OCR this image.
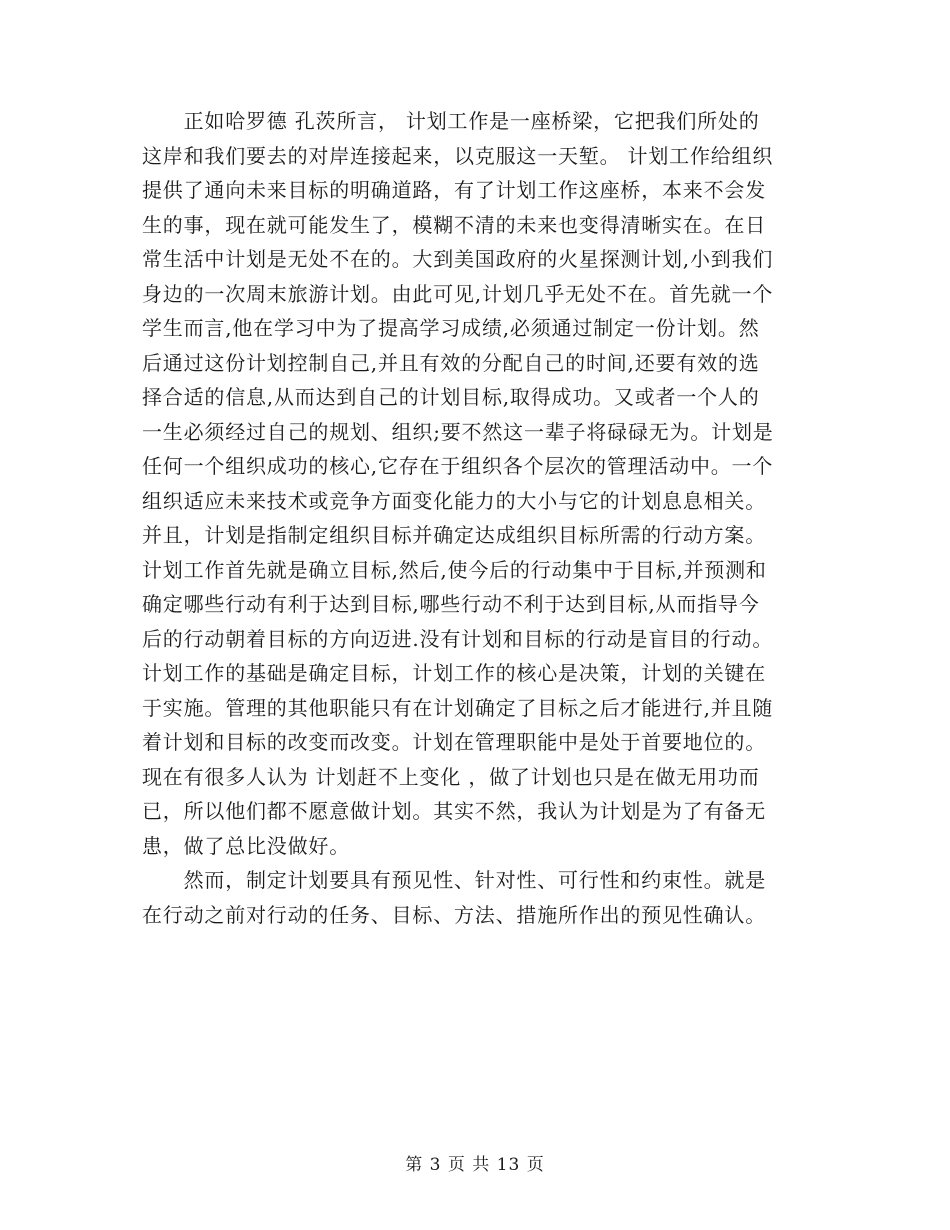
　　正如哈罗德 孔茨所言， 计划工作是一座桥梁，它把我们所处的
这岸和我们要去的对岸连接起来，以克服这一天堑。 计划工作给组织
提供了通向未来目标的明确道路，有了计划工作这座桥，本来不会发
生的事，现在就可能发生了，模糊不清的未来也变得清晰实在。在日
常生活中计划是无处不在的。大到美国政府的火星探测计划,小到我们
身边的一次周末旅游计划。由此可见,计划几乎无处不在。首先就一个
学生而言,他在学习中为了提高学习成绩,必须通过制定一份计划。然
后通过这份计划控制自己,并且有效的分配自己的时间,还要有效的选
择合适的信息,从而达到自己的计划目标,取得成功。又或者一个人的
一生必须经过自己的规划、组织;要不然这一辈子将碌碌无为。计划是
任何一个组织成功的核心,它存在于组织各个层次的管理活动中。一个
组织适应未来技术或竞争方面变化能力的大小与它的计划息息相关。
并且，计划是指制定组织目标并确定达成组织目标所需的行动方案。
计划工作首先就是确立目标,然后,使今后的行动集中于目标,并预测和
确定哪些行动有利于达到目标,哪些行动不利于达到目标,从而指导今
后的行动朝着目标的方向迈进.没有计划和目标的行动是盲目的行动。
计划工作的基础是确定目标，计划工作的核心是决策，计划的关键在
于实施。管理的其他职能只有在计划确定了目标之后才能进行,并且随
着计划和目标的改变而改变。计划在管理职能中是处于首要地位的。
现在有很多人认为 计划赶不上变化 ，做了计划也只是在做无用功而
已，所以他们都不愿意做计划。其实不然，我认为计划是为了有备无
患，做了总比没做好。
　　然而，制定计划要具有预见性、针对性、可行性和约束性。就是
在行动之前对行动的任务、目标、方法、措施所作出的预见性确认。
第 3 页 共 13 页
